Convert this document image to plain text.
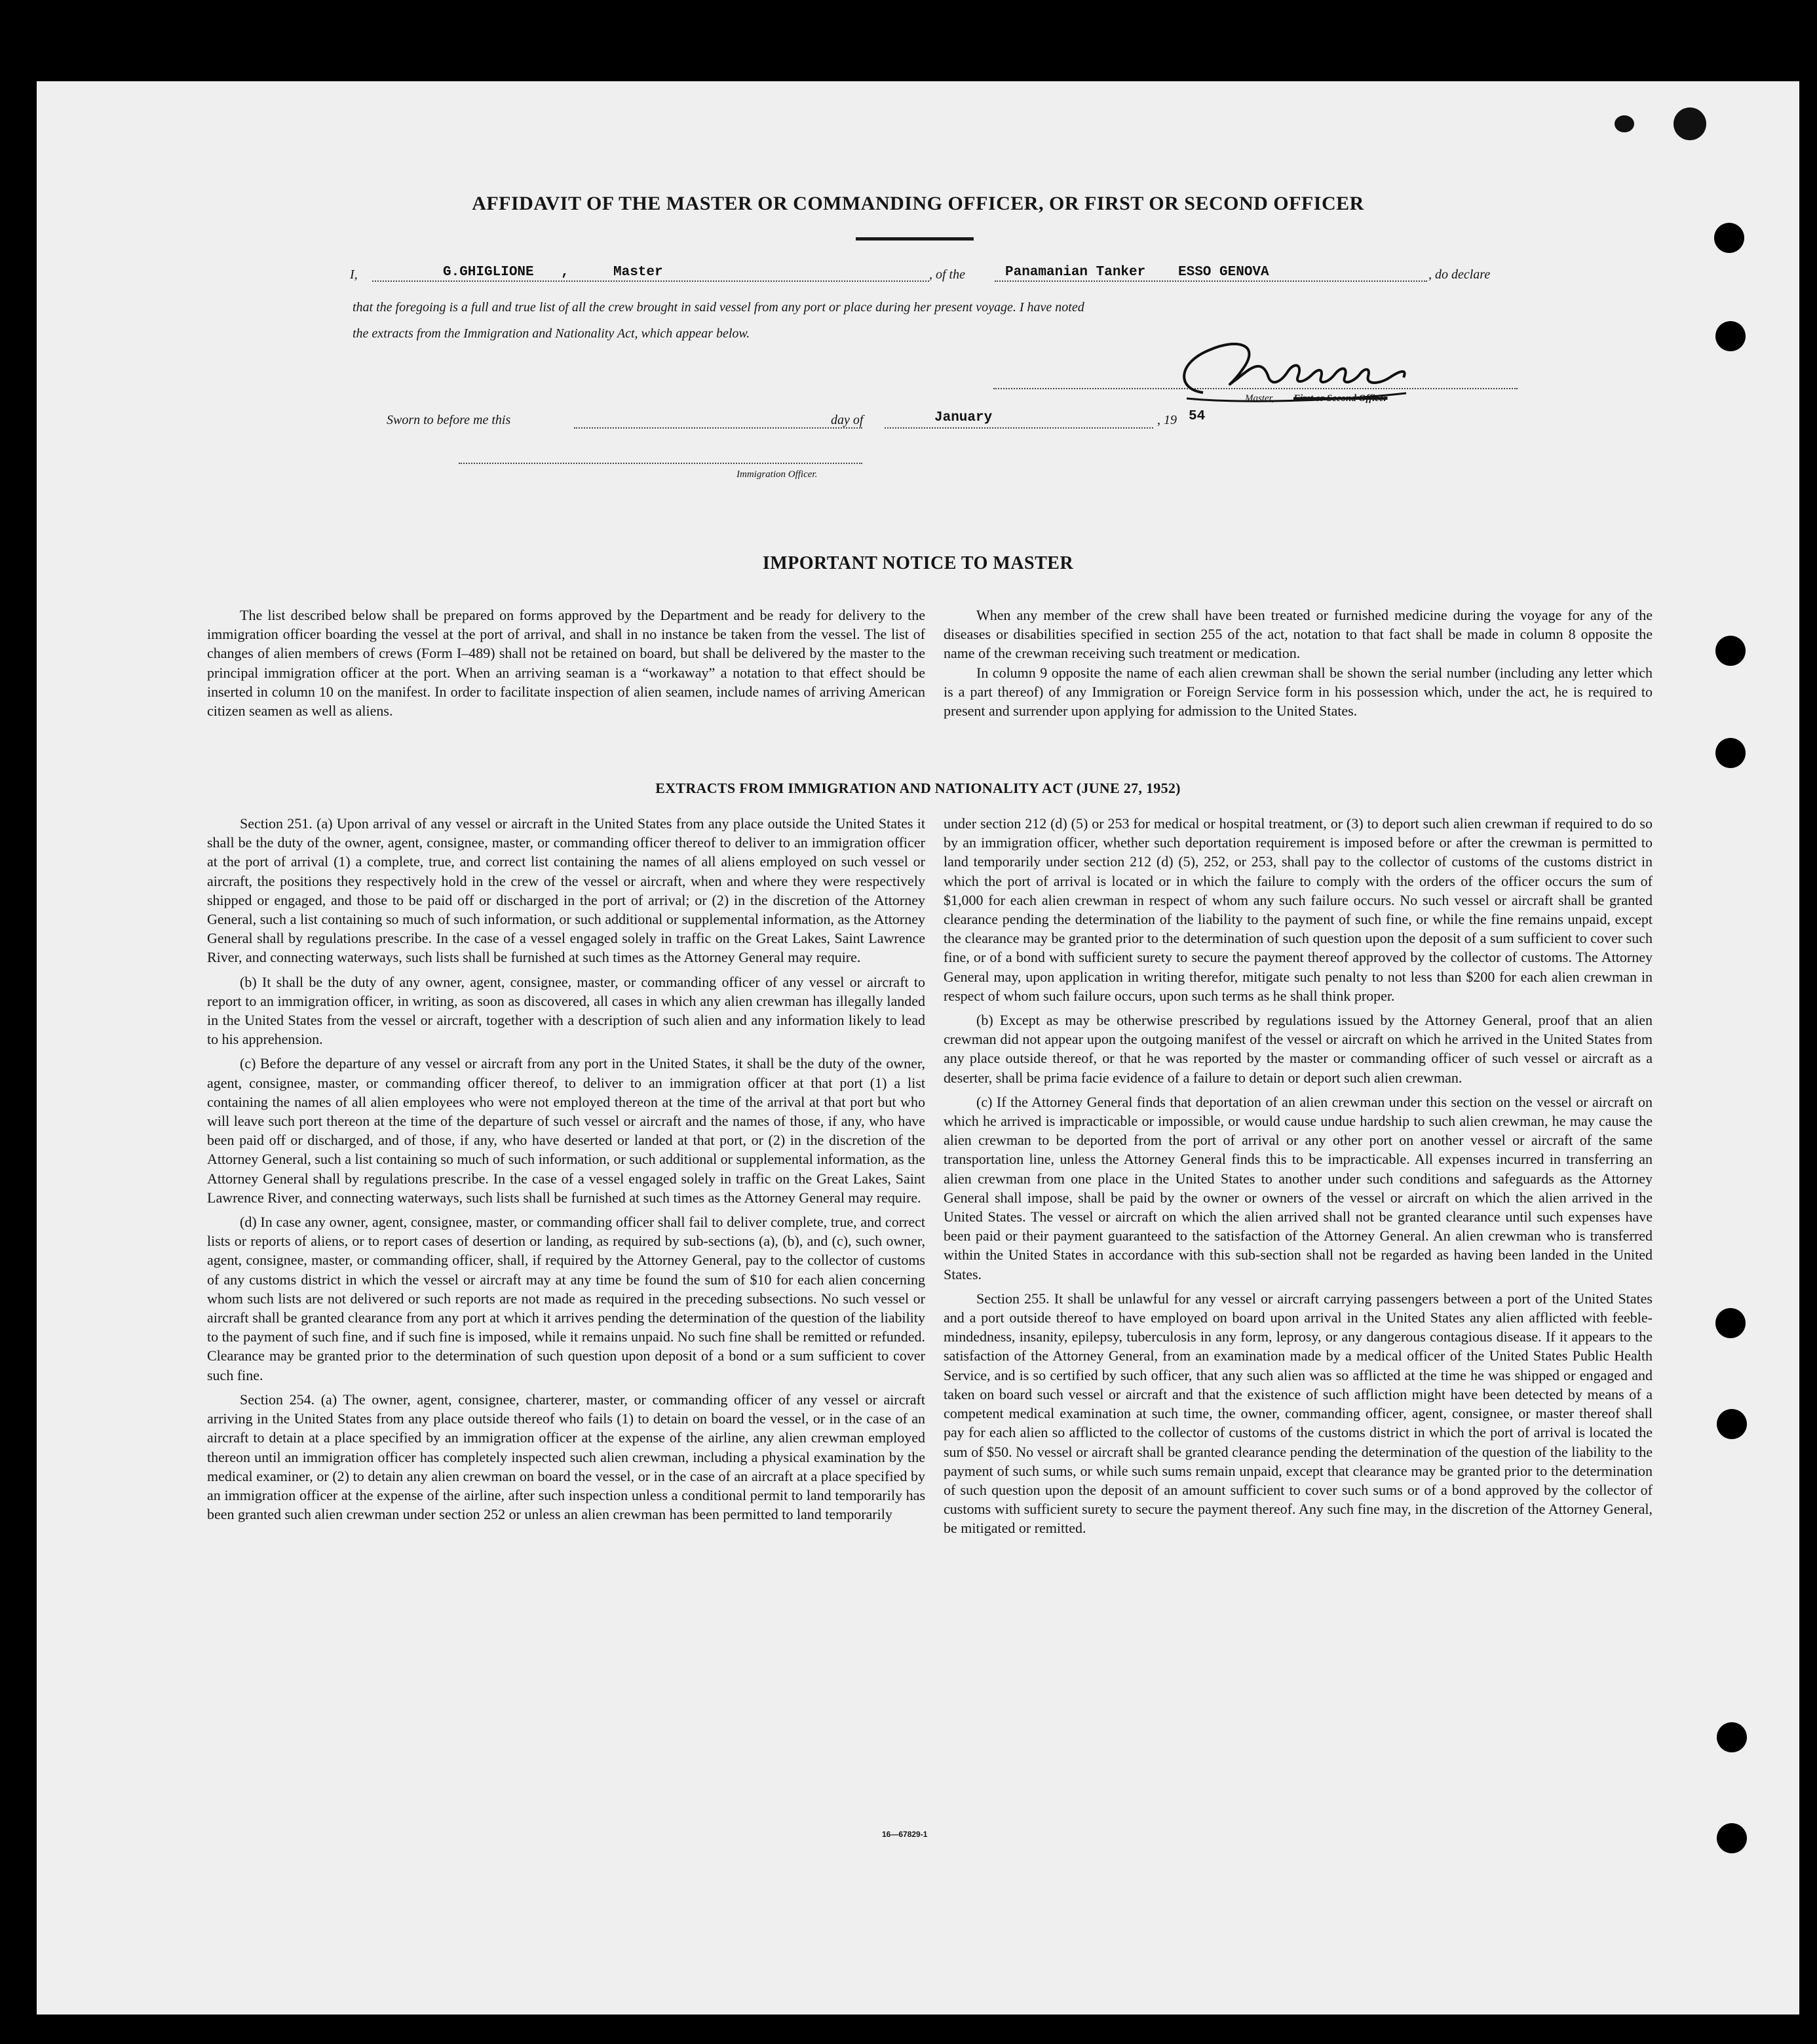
AFFIDAVIT OF THE MASTER OR COMMANDING OFFICER, OR FIRST OR SECOND OFFICER
I,	G.GHIGLIONE ,	Master	, of the	Panamanian Tanker ESSO GENOVA	, do declare
that the foregoing is a full and true list of all the crew brought in said vessel from any port or place during her present voyage. I have noted
the extracts from the Immigration and Nationality Act, which appear below.
Master, First or Second Officer
Sworn to before me this	day of	January	, 19 54
Immigration Officer.
IMPORTANT NOTICE TO MASTER

The list described below shall be prepared on forms approved by the Department and be ready for delivery to the immigration officer boarding the vessel at the port of arrival, and shall in no instance be taken from the vessel. The list of changes of alien members of crews (Form I–489) shall not be retained on board, but shall be delivered by the master to the principal immigration officer at the port. When an arriving seaman is a “workaway” a notation to that effect should be inserted in column 10 on the manifest. In order to facilitate inspection of alien seamen, include names of arriving American citizen seamen as well as aliens.

When any member of the crew shall have been treated or furnished medicine during the voyage for any of the diseases or disabilities specified in section 255 of the act, notation to that fact shall be made in column 8 opposite the name of the crewman receiving such treatment or medication.

In column 9 opposite the name of each alien crewman shall be shown the serial number (including any letter which is a part thereof) of any Immigration or Foreign Service form in his possession which, under the act, he is required to present and surrender upon applying for admission to the United States.

EXTRACTS FROM IMMIGRATION AND NATIONALITY ACT (JUNE 27, 1952)

Section 251. (a) Upon arrival of any vessel or aircraft in the United States from any place outside the United States it shall be the duty of the owner, agent, consignee, master, or commanding officer thereof to deliver to an immigration officer at the port of arrival (1) a complete, true, and correct list containing the names of all aliens employed on such vessel or aircraft, the positions they respectively hold in the crew of the vessel or aircraft, when and where they were respectively shipped or engaged, and those to be paid off or discharged in the port of arrival; or (2) in the discretion of the Attorney General, such a list containing so much of such information, or such additional or supplemental information, as the Attorney General shall by regulations prescribe. In the case of a vessel engaged solely in traffic on the Great Lakes, Saint Lawrence River, and connecting waterways, such lists shall be furnished at such times as the Attorney General may require.

(b) It shall be the duty of any owner, agent, consignee, master, or commanding officer of any vessel or aircraft to report to an immigration officer, in writing, as soon as discovered, all cases in which any alien crewman has illegally landed in the United States from the vessel or aircraft, together with a description of such alien and any information likely to lead to his apprehension.

(c) Before the departure of any vessel or aircraft from any port in the United States, it shall be the duty of the owner, agent, consignee, master, or commanding officer thereof, to deliver to an immigration officer at that port (1) a list containing the names of all alien employees who were not employed thereon at the time of the arrival at that port but who will leave such port thereon at the time of the departure of such vessel or aircraft and the names of those, if any, who have been paid off or discharged, and of those, if any, who have deserted or landed at that port, or (2) in the discretion of the Attorney General, such a list containing so much of such information, or such additional or supplemental information, as the Attorney General shall by regulations prescribe. In the case of a vessel engaged solely in traffic on the Great Lakes, Saint Lawrence River, and connecting waterways, such lists shall be furnished at such times as the Attorney General may require.

(d) In case any owner, agent, consignee, master, or commanding officer shall fail to deliver complete, true, and correct lists or reports of aliens, or to report cases of desertion or landing, as required by sub-sections (a), (b), and (c), such owner, agent, consignee, master, or commanding officer, shall, if required by the Attorney General, pay to the collector of customs of any customs district in which the vessel or aircraft may at any time be found the sum of $10 for each alien concerning whom such lists are not delivered or such reports are not made as required in the preceding subsections. No such vessel or aircraft shall be granted clearance from any port at which it arrives pending the determination of the question of the liability to the payment of such fine, and if such fine is imposed, while it remains unpaid. No such fine shall be remitted or refunded. Clearance may be granted prior to the determination of such question upon deposit of a bond or a sum sufficient to cover such fine.

Section 254. (a) The owner, agent, consignee, charterer, master, or commanding officer of any vessel or aircraft arriving in the United States from any place outside thereof who fails (1) to detain on board the vessel, or in the case of an aircraft to detain at a place specified by an immigration officer at the expense of the airline, any alien crewman employed thereon until an immigration officer has completely inspected such alien crewman, including a physical examination by the medical examiner, or (2) to detain any alien crewman on board the vessel, or in the case of an aircraft at a place specified by an immigration officer at the expense of the airline, after such inspection unless a conditional permit to land temporarily has been granted such alien crewman under section 252 or unless an alien crewman has been permitted to land temporarily

under section 212 (d) (5) or 253 for medical or hospital treatment, or (3) to deport such alien crewman if required to do so by an immigration officer, whether such deportation requirement is imposed before or after the crewman is permitted to land temporarily under section 212 (d) (5), 252, or 253, shall pay to the collector of customs of the customs district in which the port of arrival is located or in which the failure to comply with the orders of the officer occurs the sum of $1,000 for each alien crewman in respect of whom any such failure occurs. No such vessel or aircraft shall be granted clearance pending the determination of the liability to the payment of such fine, or while the fine remains unpaid, except the clearance may be granted prior to the determination of such question upon the deposit of a sum sufficient to cover such fine, or of a bond with sufficient surety to secure the payment thereof approved by the collector of customs. The Attorney General may, upon application in writing therefor, mitigate such penalty to not less than $200 for each alien crewman in respect of whom such failure occurs, upon such terms as he shall think proper.

(b) Except as may be otherwise prescribed by regulations issued by the Attorney General, proof that an alien crewman did not appear upon the outgoing manifest of the vessel or aircraft on which he arrived in the United States from any place outside thereof, or that he was reported by the master or commanding officer of such vessel or aircraft as a deserter, shall be prima facie evidence of a failure to detain or deport such alien crewman.

(c) If the Attorney General finds that deportation of an alien crewman under this section on the vessel or aircraft on which he arrived is impracticable or impossible, or would cause undue hardship to such alien crewman, he may cause the alien crewman to be deported from the port of arrival or any other port on another vessel or aircraft of the same transportation line, unless the Attorney General finds this to be impracticable. All expenses incurred in transferring an alien crewman from one place in the United States to another under such conditions and safeguards as the Attorney General shall impose, shall be paid by the owner or owners of the vessel or aircraft on which the alien arrived in the United States. The vessel or aircraft on which the alien arrived shall not be granted clearance until such expenses have been paid or their payment guaranteed to the satisfaction of the Attorney General. An alien crewman who is transferred within the United States in accordance with this sub-section shall not be regarded as having been landed in the United States.

Section 255. It shall be unlawful for any vessel or aircraft carrying passengers between a port of the United States and a port outside thereof to have employed on board upon arrival in the United States any alien afflicted with feeble-mindedness, insanity, epilepsy, tuberculosis in any form, leprosy, or any dangerous contagious disease. If it appears to the satisfaction of the Attorney General, from an examination made by a medical officer of the United States Public Health Service, and is so certified by such officer, that any such alien was so afflicted at the time he was shipped or engaged and taken on board such vessel or aircraft and that the existence of such affliction might have been detected by means of a competent medical examination at such time, the owner, commanding officer, agent, consignee, or master thereof shall pay for each alien so afflicted to the collector of customs of the customs district in which the port of arrival is located the sum of $50. No vessel or aircraft shall be granted clearance pending the determination of the question of the liability to the payment of such sums, or while such sums remain unpaid, except that clearance may be granted prior to the determination of such question upon the deposit of an amount sufficient to cover such sums or of a bond approved by the collector of customs with sufficient surety to secure the payment thereof. Any such fine may, in the discretion of the Attorney General, be mitigated or remitted.

16—67829-1
